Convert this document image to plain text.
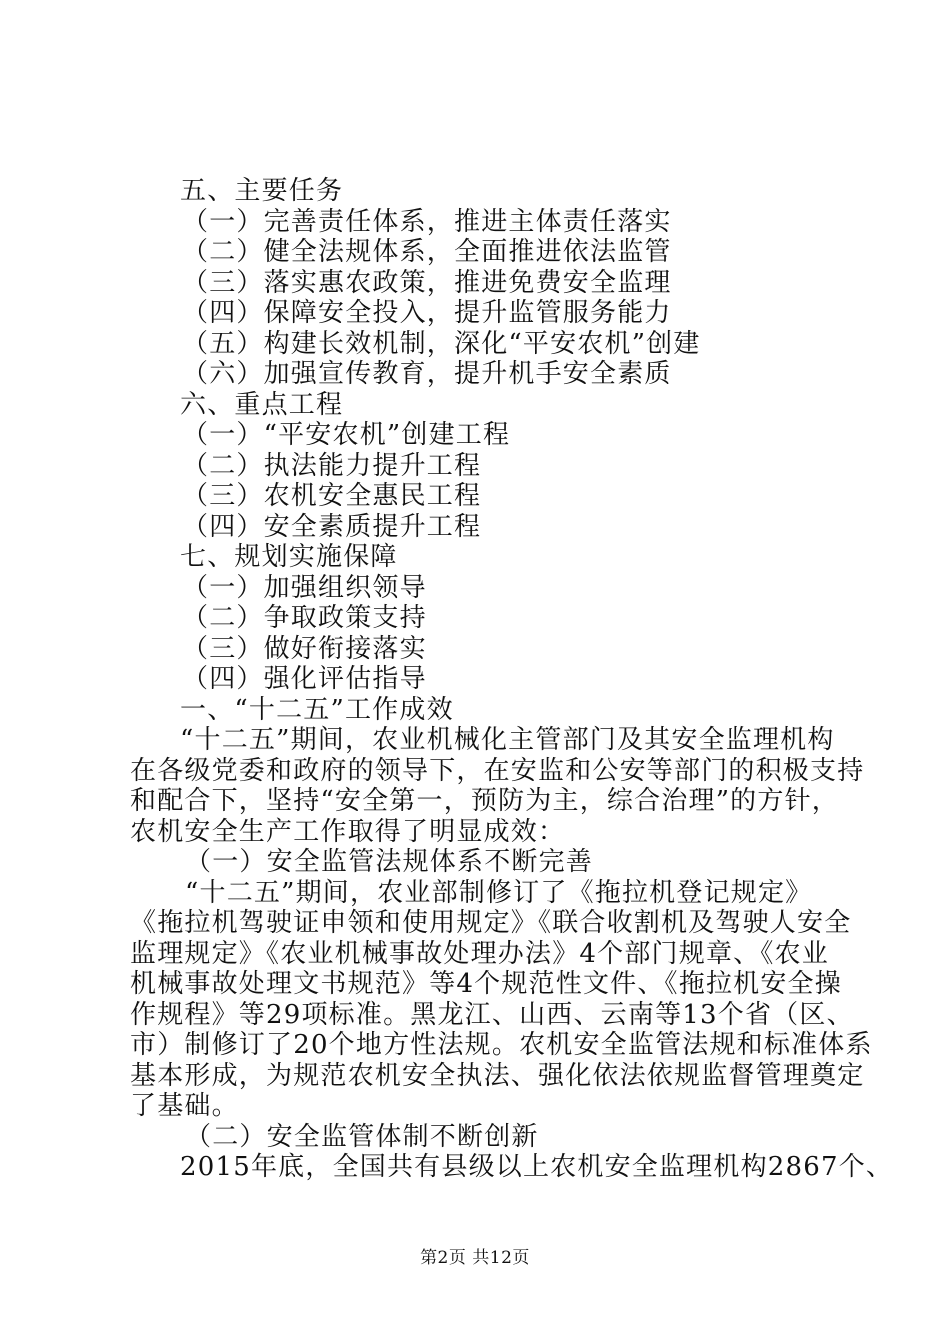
五、主要任务
（一）完善责任体系，推进主体责任落实
（二）健全法规体系，全面推进依法监管
（三）落实惠农政策，推进免费安全监理
（四）保障安全投入，提升监管服务能力
（五）构建长效机制，深化“平安农机”创建
（六）加强宣传教育，提升机手安全素质
六、重点工程
（一）“平安农机”创建工程
（二）执法能力提升工程
（三）农机安全惠民工程
（四）安全素质提升工程
七、规划实施保障
（一）加强组织领导
（二）争取政策支持
（三）做好衔接落实
（四）强化评估指导
一、“十二五”工作成效
“十二五”期间，农业机械化主管部门及其安全监理机构
在各级党委和政府的领导下，在安监和公安等部门的积极支持
和配合下，坚持“安全第一，预防为主，综合治理”的方针，
农机安全生产工作取得了明显成效：
（一）安全监管法规体系不断完善
“十二五”期间，农业部制修订了《拖拉机登记规定》
《拖拉机驾驶证申领和使用规定》《联合收割机及驾驶人安全
监理规定》《农业机械事故处理办法》4个部门规章、《农业
机械事故处理文书规范》等4个规范性文件、《拖拉机安全操
作规程》等29项标准。黑龙江、山西、云南等13个省（区、
市）制修订了20个地方性法规。农机安全监管法规和标准体系
基本形成，为规范农机安全执法、强化依法依规监督管理奠定
了基础。
（二）安全监管体制不断创新
2015年底，全国共有县级以上农机安全监理机构2867个、
第2页 共12页
